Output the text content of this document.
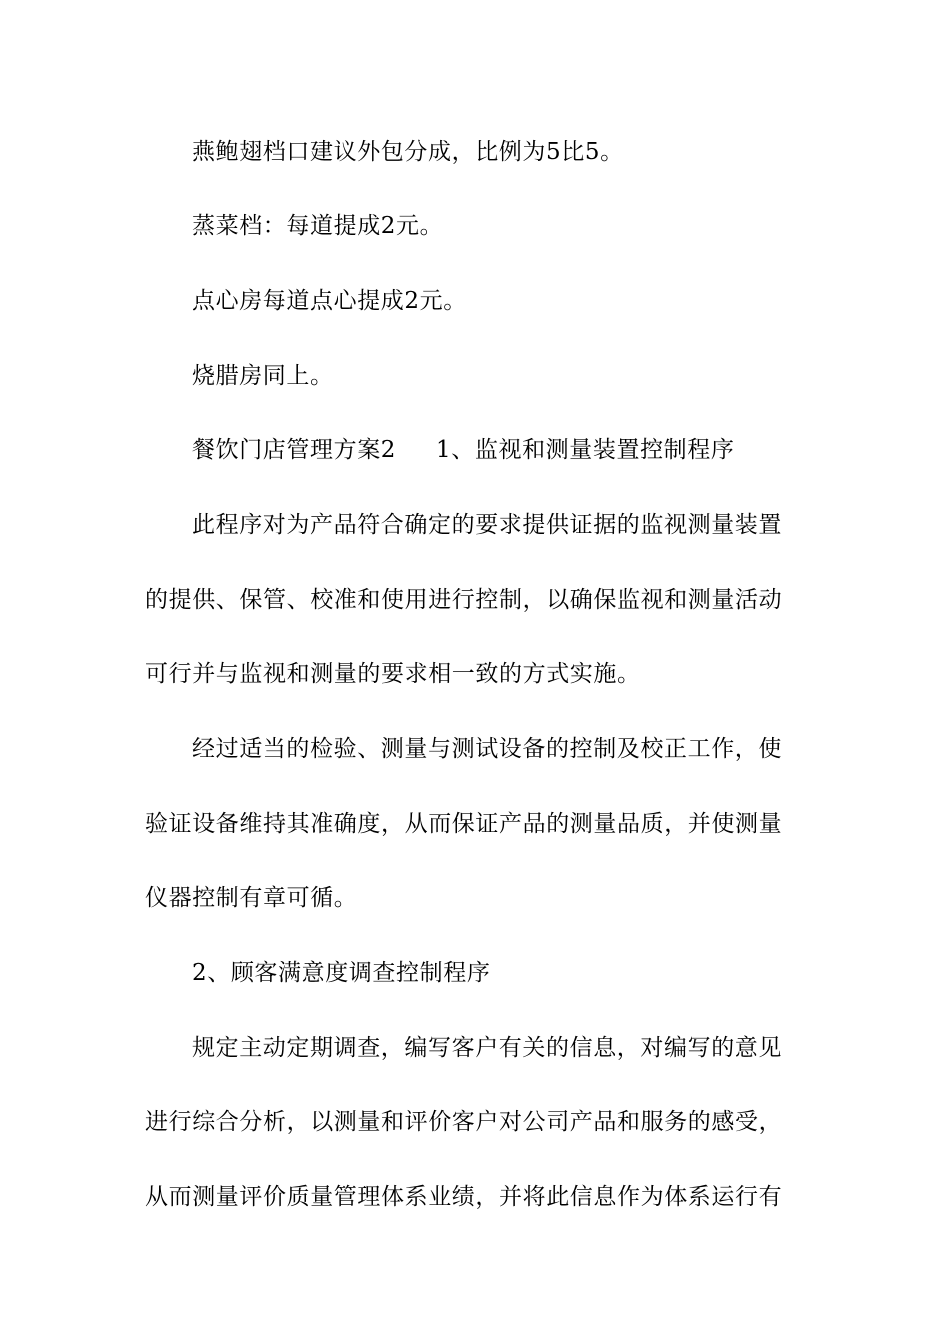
燕鲍翅档口建议外包分成，比例为5比5。
蒸菜档：每道提成2元。
点心房每道点心提成2元。
烧腊房同上。
餐饮门店管理方案2 1、监视和测量装置控制程序
此程序对为产品符合确定的要求提供证据的监视测量装置
的提供、保管、校准和使用进行控制，以确保监视和测量活动
可行并与监视和测量的要求相一致的方式实施。
经过适当的检验、测量与测试设备的控制及校正工作，使
验证设备维持其准确度，从而保证产品的测量品质，并使测量
仪器控制有章可循。
2、顾客满意度调查控制程序
规定主动定期调查，编写客户有关的信息，对编写的意见
进行综合分析，以测量和评价客户对公司产品和服务的感受，
从而测量评价质量管理体系业绩，并将此信息作为体系运行有
